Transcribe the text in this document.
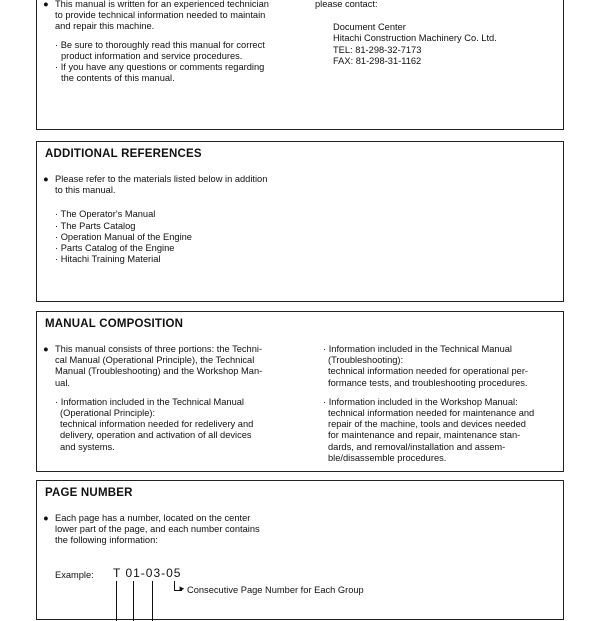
● This manual is written for an experienced technician
to provide technical information needed to maintain
and repair this machine.
· Be sure to thoroughly read this manual for correct
product information and service procedures.
· If you have any questions or comments regarding
the contents of this manual.
please contact:
Document Center
Hitachi Construction Machinery Co. Ltd.
TEL: 81-298-32-7173
FAX: 81-298-31-1162
ADDITIONAL REFERENCES
● Please refer to the materials listed below in addition
to this manual.
· The Operator's Manual
· The Parts Catalog
· Operation Manual of the Engine
· Parts Catalog of the Engine
· Hitachi Training Material
MANUAL COMPOSITION
● This manual consists of three portions: the Techni-
cal Manual (Operational Principle), the Technical
Manual (Troubleshooting) and the Workshop Man-
ual.
· Information included in the Technical Manual
(Operational Principle):
technical information needed for redelivery and
delivery, operation and activation of all devices
and systems.
· Information included in the Technical Manual
(Troubleshooting):
technical information needed for operational per-
formance tests, and troubleshooting procedures.
· Information included in the Workshop Manual:
technical information needed for maintenance and
repair of the machine, tools and devices needed
for maintenance and repair, maintenance stan-
dards, and removal/installation and assem-
ble/disassemble procedures.
PAGE NUMBER
● Each page has a number, located on the center
lower part of the page, and each number contains
the following information:
Example: T 01-03-05
► Consecutive Page Number for Each Group
